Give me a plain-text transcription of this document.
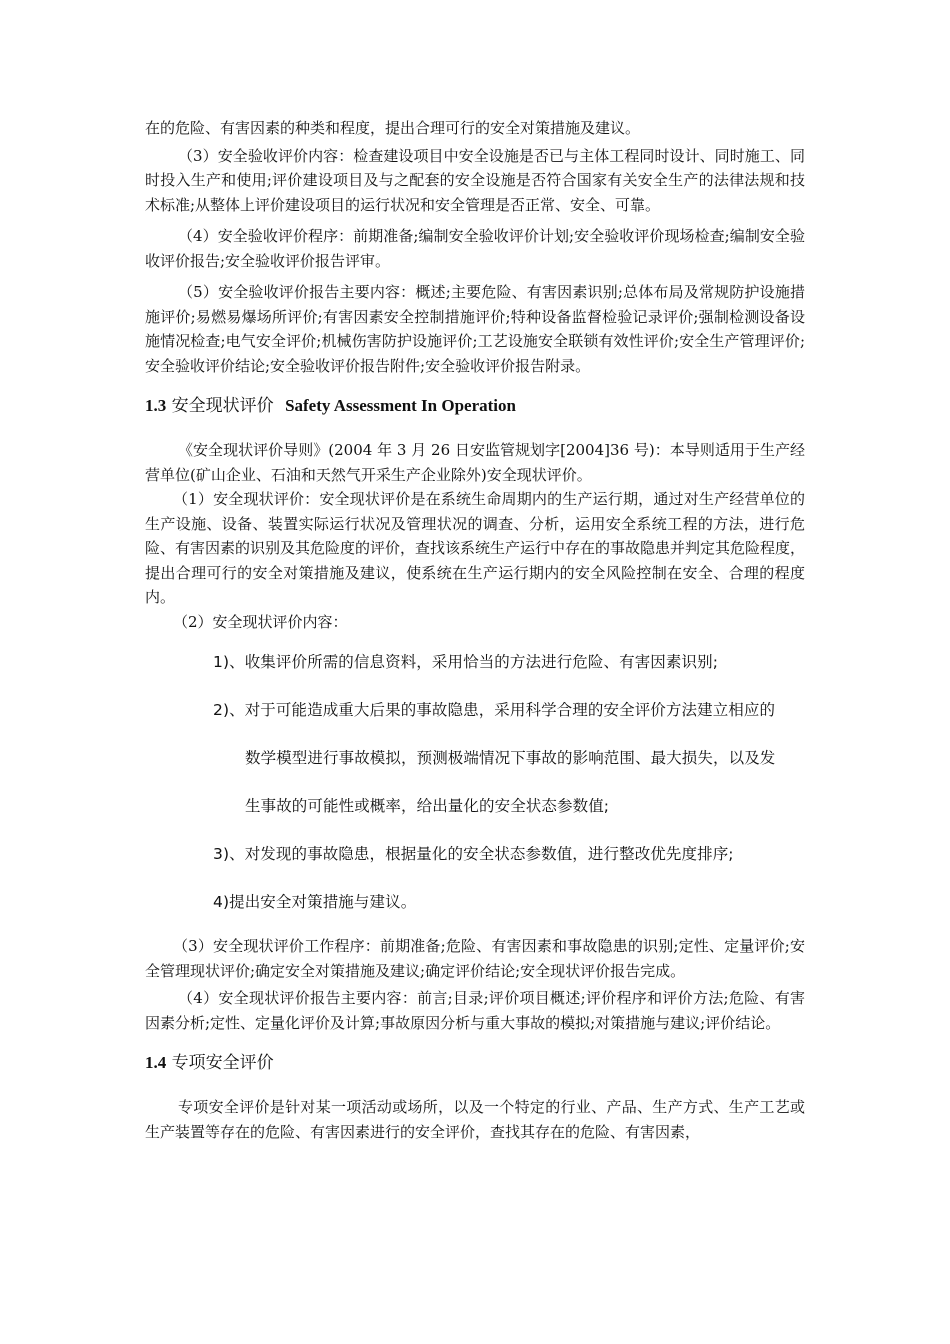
在的危险、有害因素的种类和程度，提出合理可行的安全对策措施及建议。

（3）安全验收评价内容：检查建设项目中安全设施是否已与主体工程同时设计、同时施工、同时投入生产和使用;评价建设项目及与之配套的安全设施是否符合国家有关安全生产的法律法规和技术标准;从整体上评价建设项目的运行状况和安全管理是否正常、安全、可靠。

（4）安全验收评价程序：前期准备;编制安全验收评价计划;安全验收评价现场检查;编制安全验收评价报告;安全验收评价报告评审。

（5）安全验收评价报告主要内容：概述;主要危险、有害因素识别;总体布局及常规防护设施措施评价;易燃易爆场所评价;有害因素安全控制措施评价;特种设备监督检验记录评价;强制检测设备设施情况检查;电气安全评价;机械伤害防护设施评价;工艺设施安全联锁有效性评价;安全生产管理评价;安全验收评价结论;安全验收评价报告附件;安全验收评价报告附录。

1.3 安全现状评价 Safety Assessment In Operation

《安全现状评价导则》(2004 年 3 月 26 日安监管规划字[2004]36 号)：本导则适用于生产经营单位(矿山企业、石油和天然气开采生产企业除外)安全现状评价。

（1）安全现状评价：安全现状评价是在系统生命周期内的生产运行期，通过对生产经营单位的生产设施、设备、装置实际运行状况及管理状况的调查、分析，运用安全系统工程的方法，进行危险、有害因素的识别及其危险度的评价，查找该系统生产运行中存在的事故隐患并判定其危险程度，提出合理可行的安全对策措施及建议，使系统在生产运行期内的安全风险控制在安全、合理的程度内。

（2）安全现状评价内容：

1)、收集评价所需的信息资料，采用恰当的方法进行危险、有害因素识别;
2)、对于可能造成重大后果的事故隐患，采用科学合理的安全评价方法建立相应的
数学模型进行事故模拟，预测极端情况下事故的影响范围、最大损失，以及发
生事故的可能性或概率，给出量化的安全状态参数值;
3)、对发现的事故隐患，根据量化的安全状态参数值，进行整改优先度排序;
4)提出安全对策措施与建议。

（3）安全现状评价工作程序：前期准备;危险、有害因素和事故隐患的识别;定性、定量评价;安全管理现状评价;确定安全对策措施及建议;确定评价结论;安全现状评价报告完成。

（4）安全现状评价报告主要内容：前言;目录;评价项目概述;评价程序和评价方法;危险、有害因素分析;定性、定量化评价及计算;事故原因分析与重大事故的模拟;对策措施与建议;评价结论。

1.4 专项安全评价

专项安全评价是针对某一项活动或场所，以及一个特定的行业、产品、生产方式、生产工艺或生产装置等存在的危险、有害因素进行的安全评价，查找其存在的危险、有害因素，
